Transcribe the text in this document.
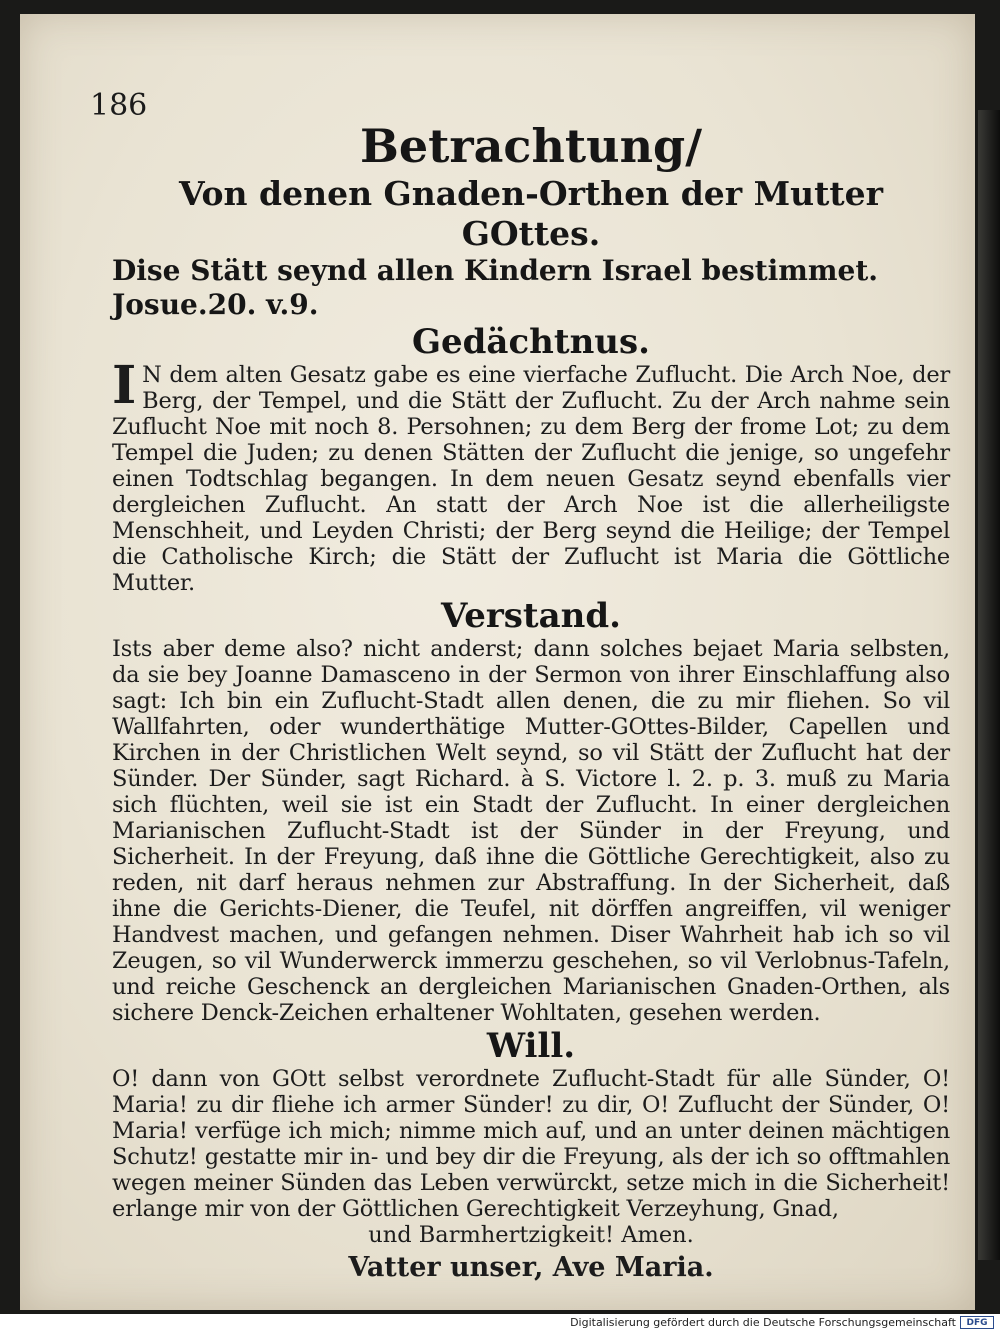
186

Betrachtung/
Von denen Gnaden-Orthen der Mutter GOttes.
Dise Stätt seynd allen Kindern Israel bestimmet. Josue.20. v.9.
Gedächtnus.

I N dem alten Gesatz gabe es eine vierfache Zuflucht. Die Arch Noe, der Berg, der Tempel, und die Stätt der Zuflucht. Zu der Arch nahme sein Zuflucht Noe mit noch 8. Persohnen; zu dem Berg der frome Lot; zu dem Tempel die Juden; zu denen Stätten der Zuflucht die jenige, so ungefehr einen Todtschlag begangen. In dem neuen Gesatz seynd ebenfalls vier dergleichen Zuflucht. An statt der Arch Noe ist die allerheiligste Menschheit, und Leyden Christi; der Berg seynd die Heilige; der Tempel die Catholische Kirch; die Stätt der Zuflucht ist Maria die Göttliche Mutter.

Verstand.

Ists aber deme also? nicht anderst; dann solches bejaet Maria selbsten, da sie bey Joanne Damasceno in der Sermon von ihrer Einschlaffung also sagt: Ich bin ein Zuflucht-Stadt allen denen, die zu mir fliehen. So vil Wallfahrten, oder wunderthätige Mutter-GOttes-Bilder, Capellen und Kirchen in der Christlichen Welt seynd, so vil Stätt der Zuflucht hat der Sünder. Der Sünder, sagt Richard. à S. Victore l. 2. p. 3. muß zu Maria sich flüchten, weil sie ist ein Stadt der Zuflucht. In einer dergleichen Marianischen Zuflucht-Stadt ist der Sünder in der Freyung, und Sicherheit. In der Freyung, daß ihne die Göttliche Gerechtigkeit, also zu reden, nit darf heraus nehmen zur Abstraffung. In der Sicherheit, daß ihne die Gerichts-Diener, die Teufel, nit dörffen angreiffen, vil weniger Handvest machen, und gefangen nehmen. Diser Wahrheit hab ich so vil Zeugen, so vil Wunderwerck immerzu geschehen, so vil Verlobnus-Tafeln, und reiche Geschenck an dergleichen Marianischen Gnaden-Orthen, als sichere Denck-Zeichen erhaltener Wohltaten, gesehen werden.

Will.

O! dann von GOtt selbst verordnete Zuflucht-Stadt für alle Sünder, O! Maria! zu dir fliehe ich armer Sünder! zu dir, O! Zuflucht der Sünder, O! Maria! verfüge ich mich; nimme mich auf, und an unter deinen mächtigen Schutz! gestatte mir in- und bey dir die Freyung, als der ich so offtmahlen wegen meiner Sünden das Leben verwürckt, setze mich in die Sicherheit! erlange mir von der Göttlichen Gerechtigkeit Verzeyhung, Gnad,

und Barmhertzigkeit! Amen.

Vatter unser, Ave Maria.

Digitalisierung gefördert durch die Deutsche Forschungsgemeinschaft	DFG
